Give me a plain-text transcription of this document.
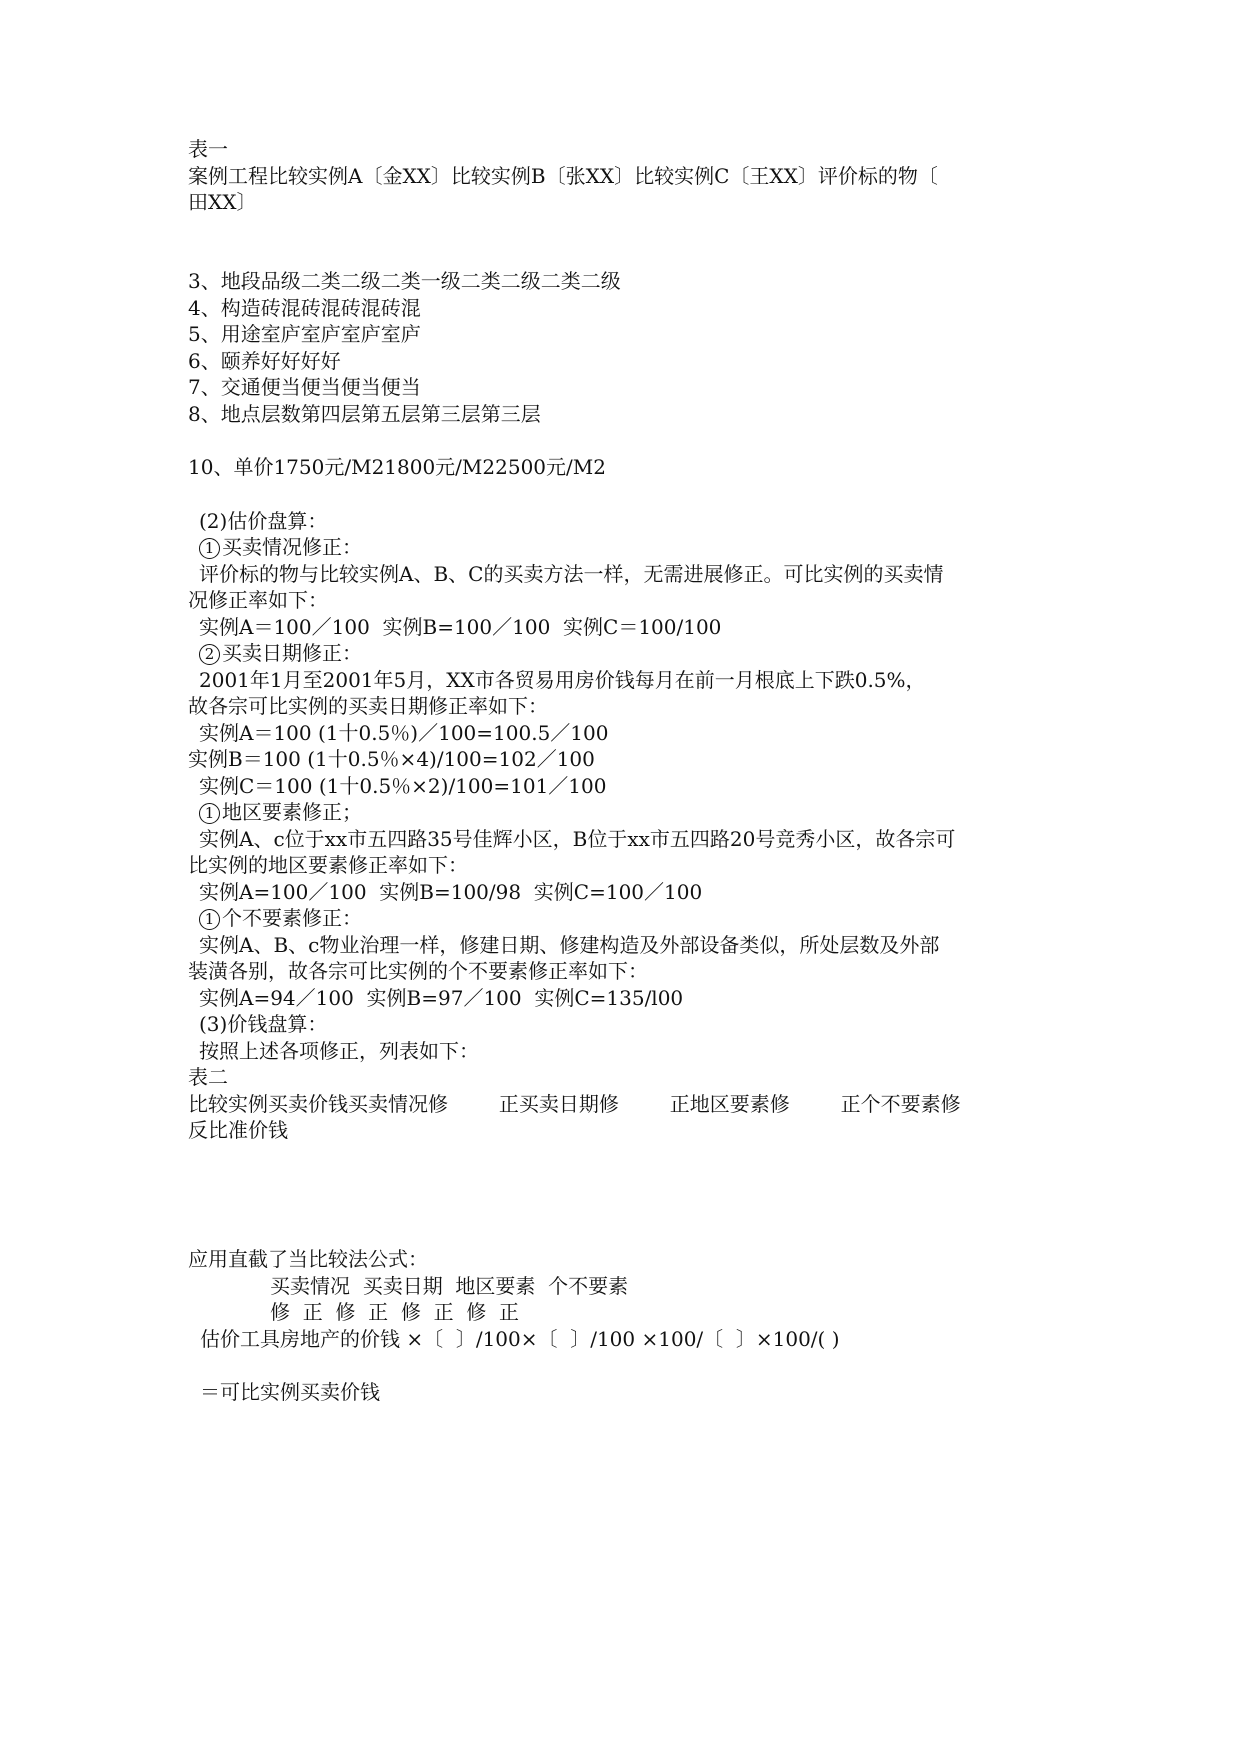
表一
案例工程比较实例A〔金XX〕比较实例B〔张XX〕比较实例C〔王XX〕评价标的物〔
田XX〕
3、地段品级二类二级二类一级二类二级二类二级
4、构造砖混砖混砖混砖混
5、用途室庐室庐室庐室庐
6、颐养好好好好
7、交通便当便当便当便当
8、地点层数第四层第五层第三层第三层
10、单价1750元/M21800元/M22500元/M2
(2)估价盘算：
1 买卖情况修正：
评价标的物与比较实例A、B、C的买卖方法一样，无需进展修正。可比实例的买卖情
况修正率如下：
实例A＝100／100  实例B=100／100  实例C＝100/100
2 买卖日期修正：
2001年1月至2001年5月，XX市各贸易用房价钱每月在前一月根底上下跌0.5%，
故各宗可比实例的买卖日期修正率如下：
实例A＝100 (1十0.5％)／100=100.5／100
实例B＝100 (1十0.5％×4)/100=102／100
实例C＝100 (1十0.5％×2)/100=101／100
1 地区要素修正；
实例A、c位于xx市五四路35号佳辉小区，B位于xx市五四路20号竞秀小区，故各宗可
比实例的地区要素修正率如下：
实例A=100／100  实例B=100/98  实例C=100／100
1 个不要素修正：
实例A、B、c物业治理一样，修建日期、修建构造及外部设备类似，所处层数及外部
装潢各别，故各宗可比实例的个不要素修正率如下：
实例A=94／100  实例B=97／100  实例C=135/l00
(3)价钱盘算：
按照上述各项修正，列表如下：
表二
比较实例买卖价钱买卖情况修        正买卖日期修        正地区要素修        正个不要素修
反比准价钱
应用直截了当比较法公式：
买卖情况  买卖日期  地区要素  个不要素
修  正  修  正  修  正  修  正
估价工具房地产的价钱 ×〔  〕/100×〔  〕/100 ×100/〔  〕×100/( )
＝可比实例买卖价钱
